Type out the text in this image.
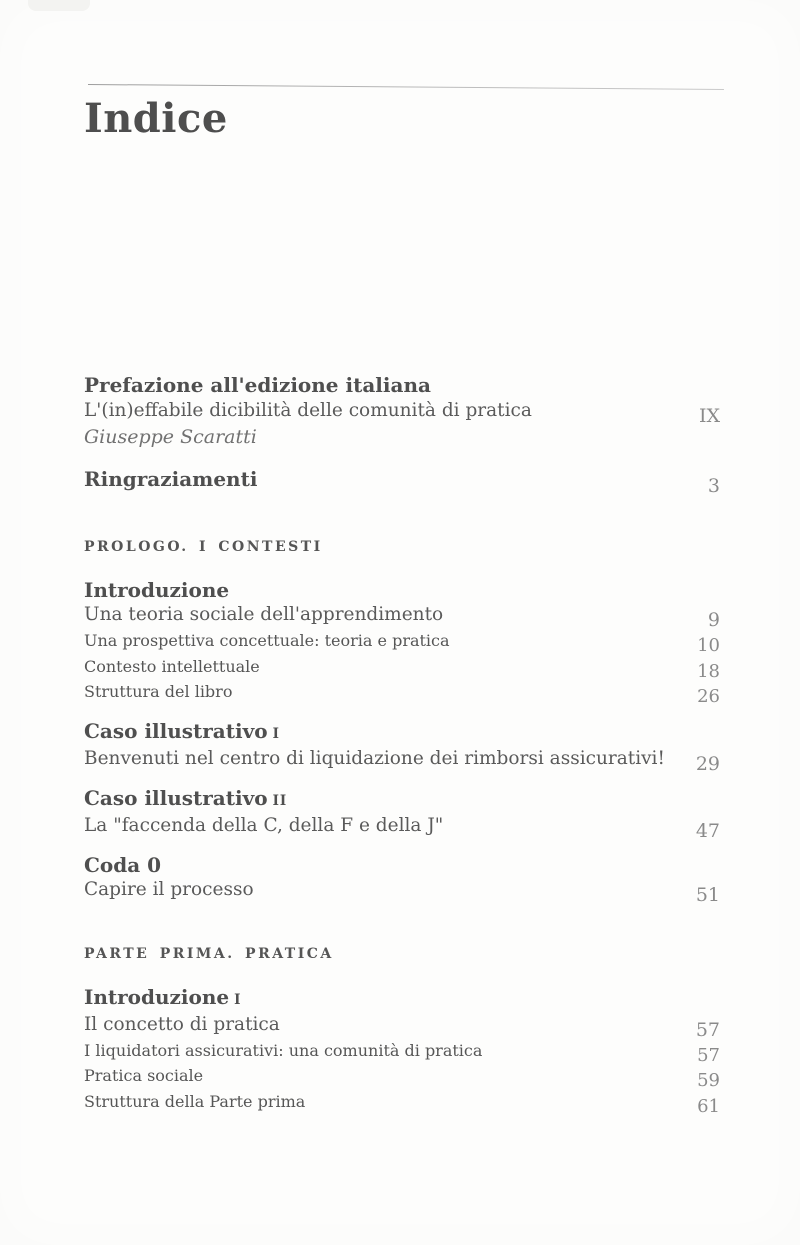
Indice
Prefazione all'edizione italiana
L'(in)effabile dicibilità delle comunità di pratica	IX
Giuseppe Scaratti
Ringraziamenti	3
PROLOGO. I CONTESTI
Introduzione
Una teoria sociale dell'apprendimento	9
Una prospettiva concettuale: teoria e pratica	10
Contesto intellettuale	18
Struttura del libro	26
Caso illustrativo I
Benvenuti nel centro di liquidazione dei rimborsi assicurativi! 29
Caso illustrativo II
La "faccenda della C, della F e della J"	47
Coda 0
Capire il processo	51
PARTE PRIMA. PRATICA
Introduzione I
Il concetto di pratica	57
I liquidatori assicurativi: una comunità di pratica	57
Pratica sociale	59
Struttura della Parte prima	61
